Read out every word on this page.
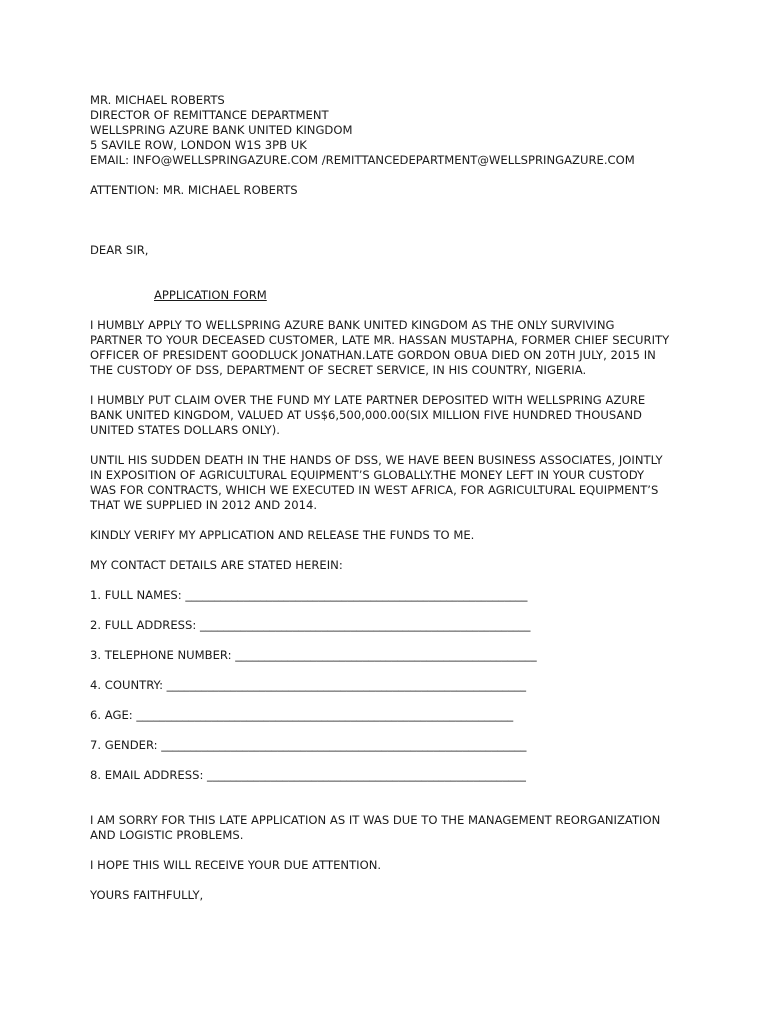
MR. MICHAEL ROBERTS
DIRECTOR OF REMITTANCE DEPARTMENT
WELLSPRING AZURE BANK UNITED KINGDOM
5 SAVILE ROW, LONDON W1S 3PB UK
EMAIL: INFO@WELLSPRINGAZURE.COM /REMITTANCEDEPARTMENT@WELLSPRINGAZURE.COM
ATTENTION: MR. MICHAEL ROBERTS
DEAR SIR,
APPLICATION FORM
I HUMBLY APPLY TO WELLSPRING AZURE BANK UNITED KINGDOM AS THE ONLY SURVIVING
PARTNER TO YOUR DECEASED CUSTOMER, LATE MR. HASSAN MUSTAPHA, FORMER CHIEF SECURITY
OFFICER OF PRESIDENT GOODLUCK JONATHAN.LATE GORDON OBUA DIED ON 20TH JULY, 2015 IN
THE CUSTODY OF DSS, DEPARTMENT OF SECRET SERVICE, IN HIS COUNTRY, NIGERIA.
I HUMBLY PUT CLAIM OVER THE FUND MY LATE PARTNER DEPOSITED WITH WELLSPRING AZURE
BANK UNITED KINGDOM, VALUED AT US$6,500,000.00(SIX MILLION FIVE HUNDRED THOUSAND
UNITED STATES DOLLARS ONLY).
UNTIL HIS SUDDEN DEATH IN THE HANDS OF DSS, WE HAVE BEEN BUSINESS ASSOCIATES, JOINTLY
IN EXPOSITION OF AGRICULTURAL EQUIPMENT’S GLOBALLY.THE MONEY LEFT IN YOUR CUSTODY
WAS FOR CONTRACTS, WHICH WE EXECUTED IN WEST AFRICA, FOR AGRICULTURAL EQUIPMENT’S
THAT WE SUPPLIED IN 2012 AND 2014.
KINDLY VERIFY MY APPLICATION AND RELEASE THE FUNDS TO ME.
MY CONTACT DETAILS ARE STATED HEREIN:
1. FULL NAMES: ___________________________________________________________
2. FULL ADDRESS: _________________________________________________________
3. TELEPHONE NUMBER: ____________________________________________________
4. COUNTRY: ______________________________________________________________
6. AGE: _________________________________________________________________
7. GENDER: _______________________________________________________________
8. EMAIL ADDRESS: _______________________________________________________
I AM SORRY FOR THIS LATE APPLICATION AS IT WAS DUE TO THE MANAGEMENT REORGANIZATION
AND LOGISTIC PROBLEMS.
I HOPE THIS WILL RECEIVE YOUR DUE ATTENTION.
YOURS FAITHFULLY,
